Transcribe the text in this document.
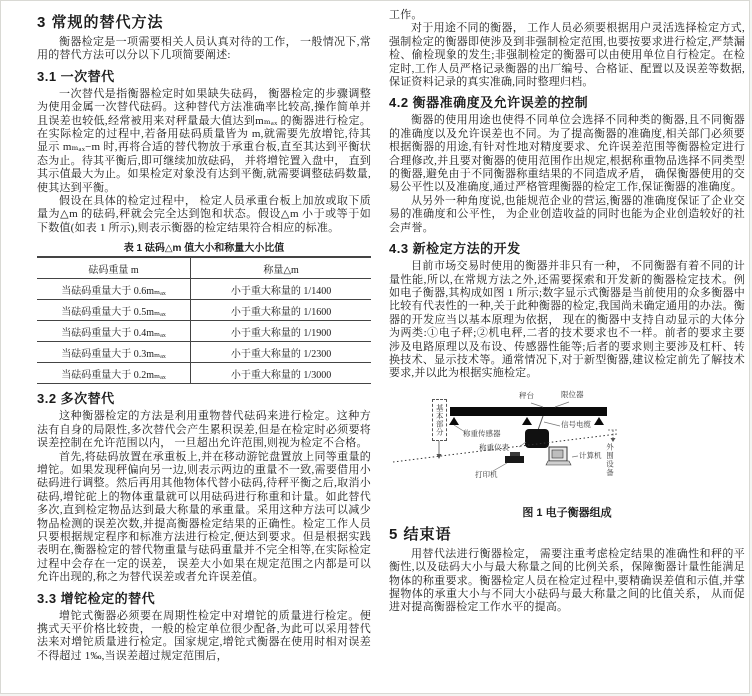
3 常规的替代方法

衡器检定是一项需要相关人员认真对待的工作， 一般情况下,常用的替代方法可以分以下几项简要阐述:

3.1 一次替代

一次替代是指衡器检定时如果缺失砝码， 衡器检定的步骤调整为使用金属一次替代砝码。这种替代方法准确率比较高,操作简单并且误差也较低,经常被用来对秤量最大值达到mₘₐₓ 的衡器进行检定。在实际检定的过程中,若备用砝码质量皆为 m,就需要先放增铊,待其显示 mₘₐₓ−m 时,再将合适的替代物放于承重台板,直至其达到平衡状态为止。待其平衡后,即可继续加放砝码， 并将增铊置入盘中， 直到其示值最大为止。如果检定对象没有达到平衡,就需要调整砝码数量,使其达到平衡。

假设在具体的检定过程中， 检定人员承重台板上加放或取下质量为△m 的砝码,秤就会完全达到饱和状态。假设△m 小于或等于如下数值(如表 1 所示),则表示衡器的检定结果符合相应的标准。

表 1 砝码△m 值大小和称量大小比值
砝码重量 m	称量△m
当砝码重量大于 0.6mₘₐₓ	小于重大称量的 1/1400
当砝码重量大于 0.5mₘₐₓ	小于重大称量的 1/1600
当砝码重量大于 0.4mₘₐₓ	小于重大称量的 1/1900
当砝码重量大于 0.3mₘₐₓ	小于重大称量的 1/2300
当砝码重量大于 0.2mₘₐₓ	小于重大称量的 1/3000
3.2 多次替代

这种衡器检定的方法是利用重物替代砝码来进行检定。这种方法有自身的局限性,多次替代会产生累积误差,但是在检定时必须要将误差控制在允许范围以内， 一旦超出允许范围,则视为检定不合格。

首先,将砝码放置在承重板上,并在移动游铊盘置放上同等重量的增铊。如果发现秤偏向另一边,则表示两边的重量不一致,需要借用小砝码进行调整。然后再用其他物体代替小砝码,待秤平衡之后,取消小砝码,增铊砣上的物体重量就可以用砝码进行称重和计量。如此替代多次,直到检定物品达到最大称量的承重量。采用这种方法可以减少物品检测的误差次数,并提高衡器检定结果的正确性。检定工作人员只要根据规定程序和标准方法进行检定,便达到要求。但是根据实践表明在,衡器检定的替代物重量与砝码重量并不完全相等,在实际检定过程中会存在一定的误差， 误差大小如果在规定范围之内都是可以允许出现的,称之为替代误差或者允许误差值。

3.3 增铊检定的替代

增铊式衡器必须要在周期性检定中对增铊的质量进行检定。便携式天平价格比较贵，一般的检定单位很少配备,为此可以采用替代法来对增铊质量进行检定。国家规定,增铊式衡器在使用时相对误差不得超过 1‰,当误差超过规定范围后，

工作。

对于用途不同的衡器， 工作人员必须要根据用户灵活选择检定方式,强制检定的衡器即使涉及到非强制检定范围,也要按要求进行检定,严禁漏检、偷检现象的发生;非强制检定的衡器可以由使用单位自行检定。在检定时,工作人员严格记录衡器的出厂编号、合格证、配置以及误差等数据,保证资料记录的真实准确,同时整理归档。

4.2 衡器准确度及允许误差的控制

衡器的使用用途也使得不同单位会选择不同种类的衡器,且不同衡器的准确度以及允许误差也不同。为了提高衡器的准确度,相关部门必须要根据衡器的用途,有针对性地对精度要求、允许误差范围等衡器检定进行合理修改,并且要对衡器的使用范围作出规定,根据称重物品选择不同类型的衡器,避免由于不同衡器称重结果的不同造成矛盾， 确保衡器使用的交易公平性以及准确度,通过严格管理衡器的检定工作,保证衡器的准确度。

从另外一种角度说,也能规范企业的营运,衡器的准确度保证了企业交易的准确度和公平性， 为企业创造收益的同时也能为企业创造较好的社会声誉。

4.3 新检定方法的开发

目前市场交易时使用的衡器并非只有一种， 不同衡器有着不同的计量性能,所以,在常规方法之外,还需要探索和开发新的衡器检定技术。例如电子衡器,其构成如图 1 所示;数字显示式衡器是当前使用的众多衡器中比较有代表性的一种,关于此种衡器的检定,我国尚未确定通用的办法。衡器的开发应当以基本原理为依据， 现在的衡器中支持自动显示的大体分为两类:①电子秤;②机电秤,二者的技术要求也不一样。前者的要求主要涉及电路原理以及布设、传感器性能等;后者的要求则主要涉及杠杆、转换技术、显示技术等。通常情况下,对于新型衡器,建议检定前先了解技术要求,并以此为根据实施检定。

秤台	限位器
称重传感器
信号电缆
称重仪表
打印机
计算机 外围设备
基本部分
图 1 电子衡器组成
5 结束语

用替代法进行衡器检定， 需要注重考虑检定结果的准确性和秤的平衡性,以及砝码大小与最大称量之间的比例关系，保障衡器计量性能满足物体的称重要求。衡器检定人员在检定过程中,要精确误差值和示值,并掌握物体的承重大小与不同大小砝码与最大称量之间的比值关系， 从而促进对提高衡器检定工作水平的提高。
